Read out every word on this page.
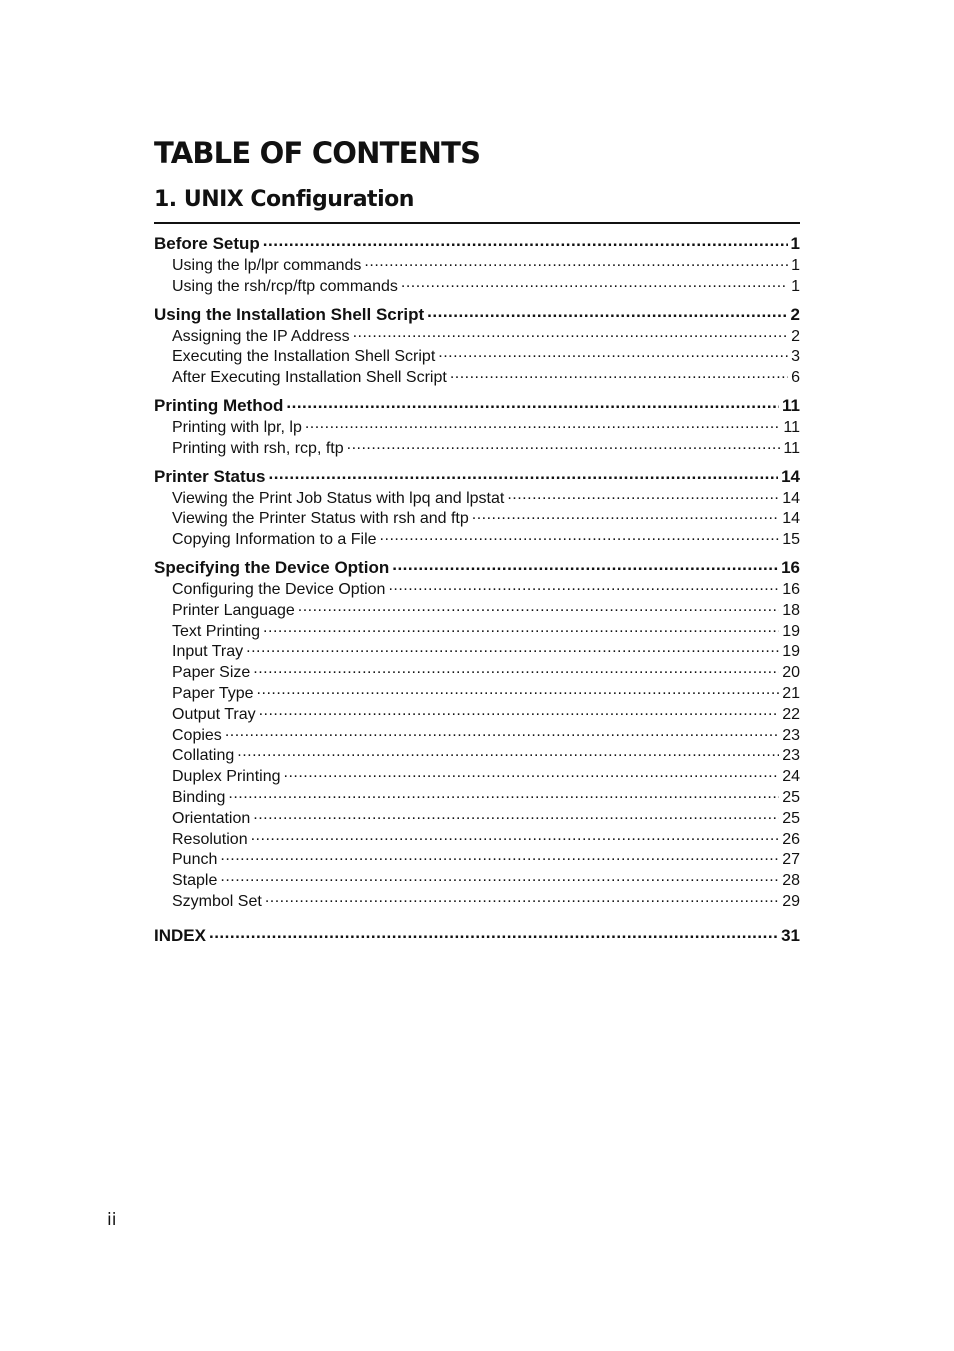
TABLE OF CONTENTS
1. UNIX Configuration
Before Setup .....	1
Using the lp/lpr commands .....	1
Using the rsh/rcp/ftp commands .....	1
Using the Installation Shell Script .....	2
Assigning the IP Address .....	2
Executing the Installation Shell Script .....	3
After Executing Installation Shell Script .....	6
Printing Method .....	11
Printing with lpr, lp .....	11
Printing with rsh, rcp, ftp .....	11
Printer Status .....	14
Viewing the Print Job Status with lpq and lpstat .....	14
Viewing the Printer Status with rsh and ftp .....	14
Copying Information to a File .....	15
Specifying the Device Option .....	16
Configuring the Device Option .....	16
Printer Language .....	18
Text Printing .....	19
Input Tray .....	19
Paper Size .....	20
Paper Type .....	21
Output Tray .....	22
Copies .....	23
Collating .....	23
Duplex Printing .....	24
Binding .....	25
Orientation .....	25
Resolution .....	26
Punch .....	27
Staple .....	28
Szymbol Set .....	29
INDEX .....	31
ii
